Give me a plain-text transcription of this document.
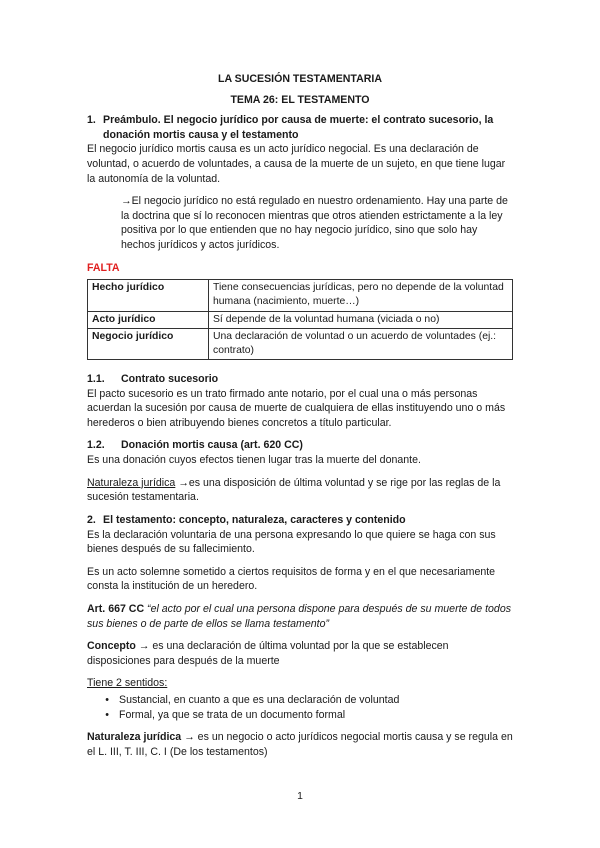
LA SUCESIÓN TESTAMENTARIA
TEMA 26: EL TESTAMENTO
1. Preámbulo. El negocio jurídico por causa de muerte: el contrato sucesorio, la donación mortis causa y el testamento

El negocio jurídico mortis causa es un acto jurídico negocial. Es una declaración de voluntad, o acuerdo de voluntades, a causa de la muerte de un sujeto, en que tiene lugar la autonomía de la voluntad.

→El negocio jurídico no está regulado en nuestro ordenamiento. Hay una parte de la doctrina que sí lo reconocen mientras que otros atienden estrictamente a la ley positiva por lo que entienden que no hay negocio jurídico, sino que solo hay hechos jurídicos y actos jurídicos.

FALTA
Hecho jurídico	Tiene consecuencias jurídicas, pero no depende de la voluntad humana (nacimiento, muerte…)
Acto jurídico	Sí depende de la voluntad humana (viciada o no)
Negocio jurídico	Una declaración de voluntad o un acuerdo de voluntades (ej.: contrato)
1.1.	Contrato sucesorio

El pacto sucesorio es un trato firmado ante notario, por el cual una o más personas acuerdan la sucesión por causa de muerte de cualquiera de ellas instituyendo uno o más herederos o bien atribuyendo bienes concretos a título particular.

1.2.	Donación mortis causa (art. 620 CC)

Es una donación cuyos efectos tienen lugar tras la muerte del donante.

Naturaleza jurídica →es una disposición de última voluntad y se rige por las reglas de la sucesión testamentaria.

2. El testamento: concepto, naturaleza, caracteres y contenido

Es la declaración voluntaria de una persona expresando lo que quiere se haga con sus bienes después de su fallecimiento.

Es un acto solemne sometido a ciertos requisitos de forma y en el que necesariamente consta la institución de un heredero.

Art. 667 CC “el acto por el cual una persona dispone para después de su muerte de todos sus bienes o de parte de ellos se llama testamento”

Concepto → es una declaración de última voluntad por la que se establecen disposiciones para después de la muerte

Tiene 2 sentidos:

• Sustancial, en cuanto a que es una declaración de voluntad
• Formal, ya que se trata de un documento formal

Naturaleza jurídica → es un negocio o acto jurídicos negocial mortis causa y se regula en el L. III, T. III, C. I (De los testamentos)

1
